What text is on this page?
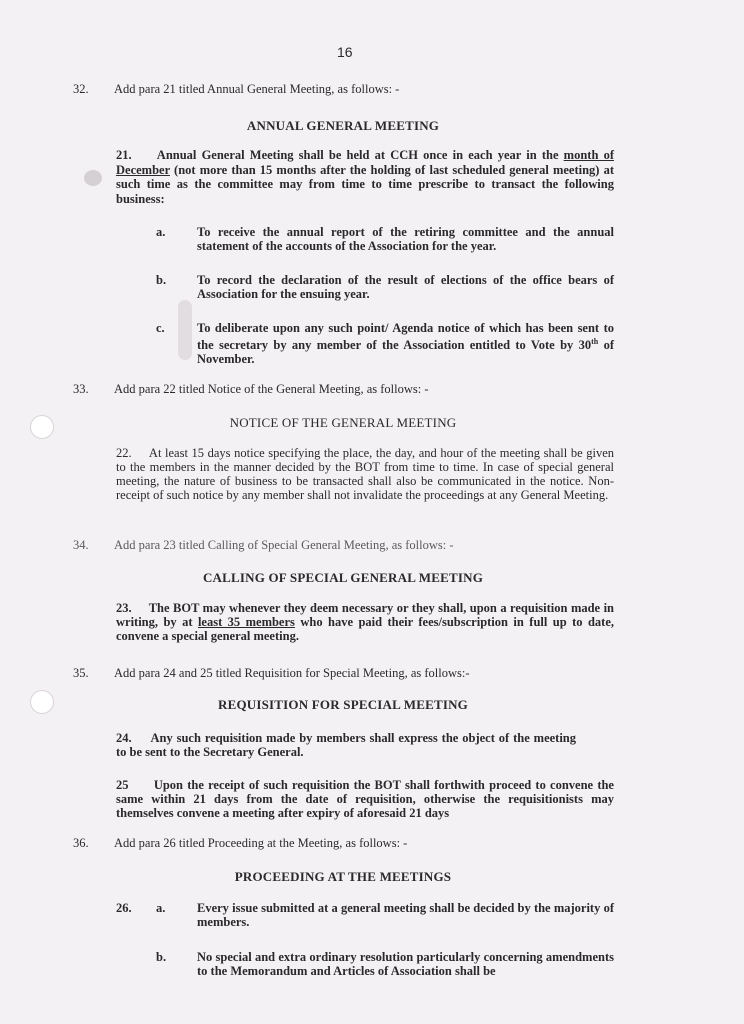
16
32. Add para 21 titled Annual General Meeting, as follows: -
ANNUAL GENERAL MEETING
21. Annual General Meeting shall be held at CCH once in each year in the month of December (not more than 15 months after the holding of last scheduled general meeting) at such time as the committee may from time to time prescribe to transact the following business:
a.	To receive the annual report of the retiring committee and the annual statement of the accounts of the Association for the year.
b. To record the declaration of the result of elections of the office bears of Association for the ensuing year.
c.	To deliberate upon any such point/ Agenda notice of which has been sent to the secretary by any member of the Association entitled to Vote by 30th of November.
33. Add para 22 titled Notice of the General Meeting, as follows: -
NOTICE OF THE GENERAL MEETING
22. At least 15 days notice specifying the place, the day, and hour of the meeting shall be given to the members in the manner decided by the BOT from time to time. In case of special general meeting, the nature of business to be transacted shall also be communicated in the notice. Non-receipt of such notice by any member shall not invalidate the proceedings at any General Meeting.
34. Add para 23 titled Calling of Special General Meeting, as follows: -
CALLING OF SPECIAL GENERAL MEETING
23. The BOT may whenever they deem necessary or they shall, upon a requisition made in writing, by at least 35 members who have paid their fees/subscription in full up to date, convene a special general meeting.
35. Add para 24 and 25 titled Requisition for Special Meeting, as follows:-
REQUISITION FOR SPECIAL MEETING
24. Any such requisition made by members shall express the object of the meeting to be sent to the Secretary General.
25 Upon the receipt of such requisition the BOT shall forthwith proceed to convene the same within 21 days from the date of requisition, otherwise the requisitionists may themselves convene a meeting after expiry of aforesaid 21 days
36. Add para 26 titled Proceeding at the Meeting, as follows: -
PROCEEDING AT THE MEETINGS
26. a.	Every issue submitted at a general meeting shall be decided by the majority of members.
b. No special and extra ordinary resolution particularly concerning amendments to the Memorandum and Articles of Association shall be
